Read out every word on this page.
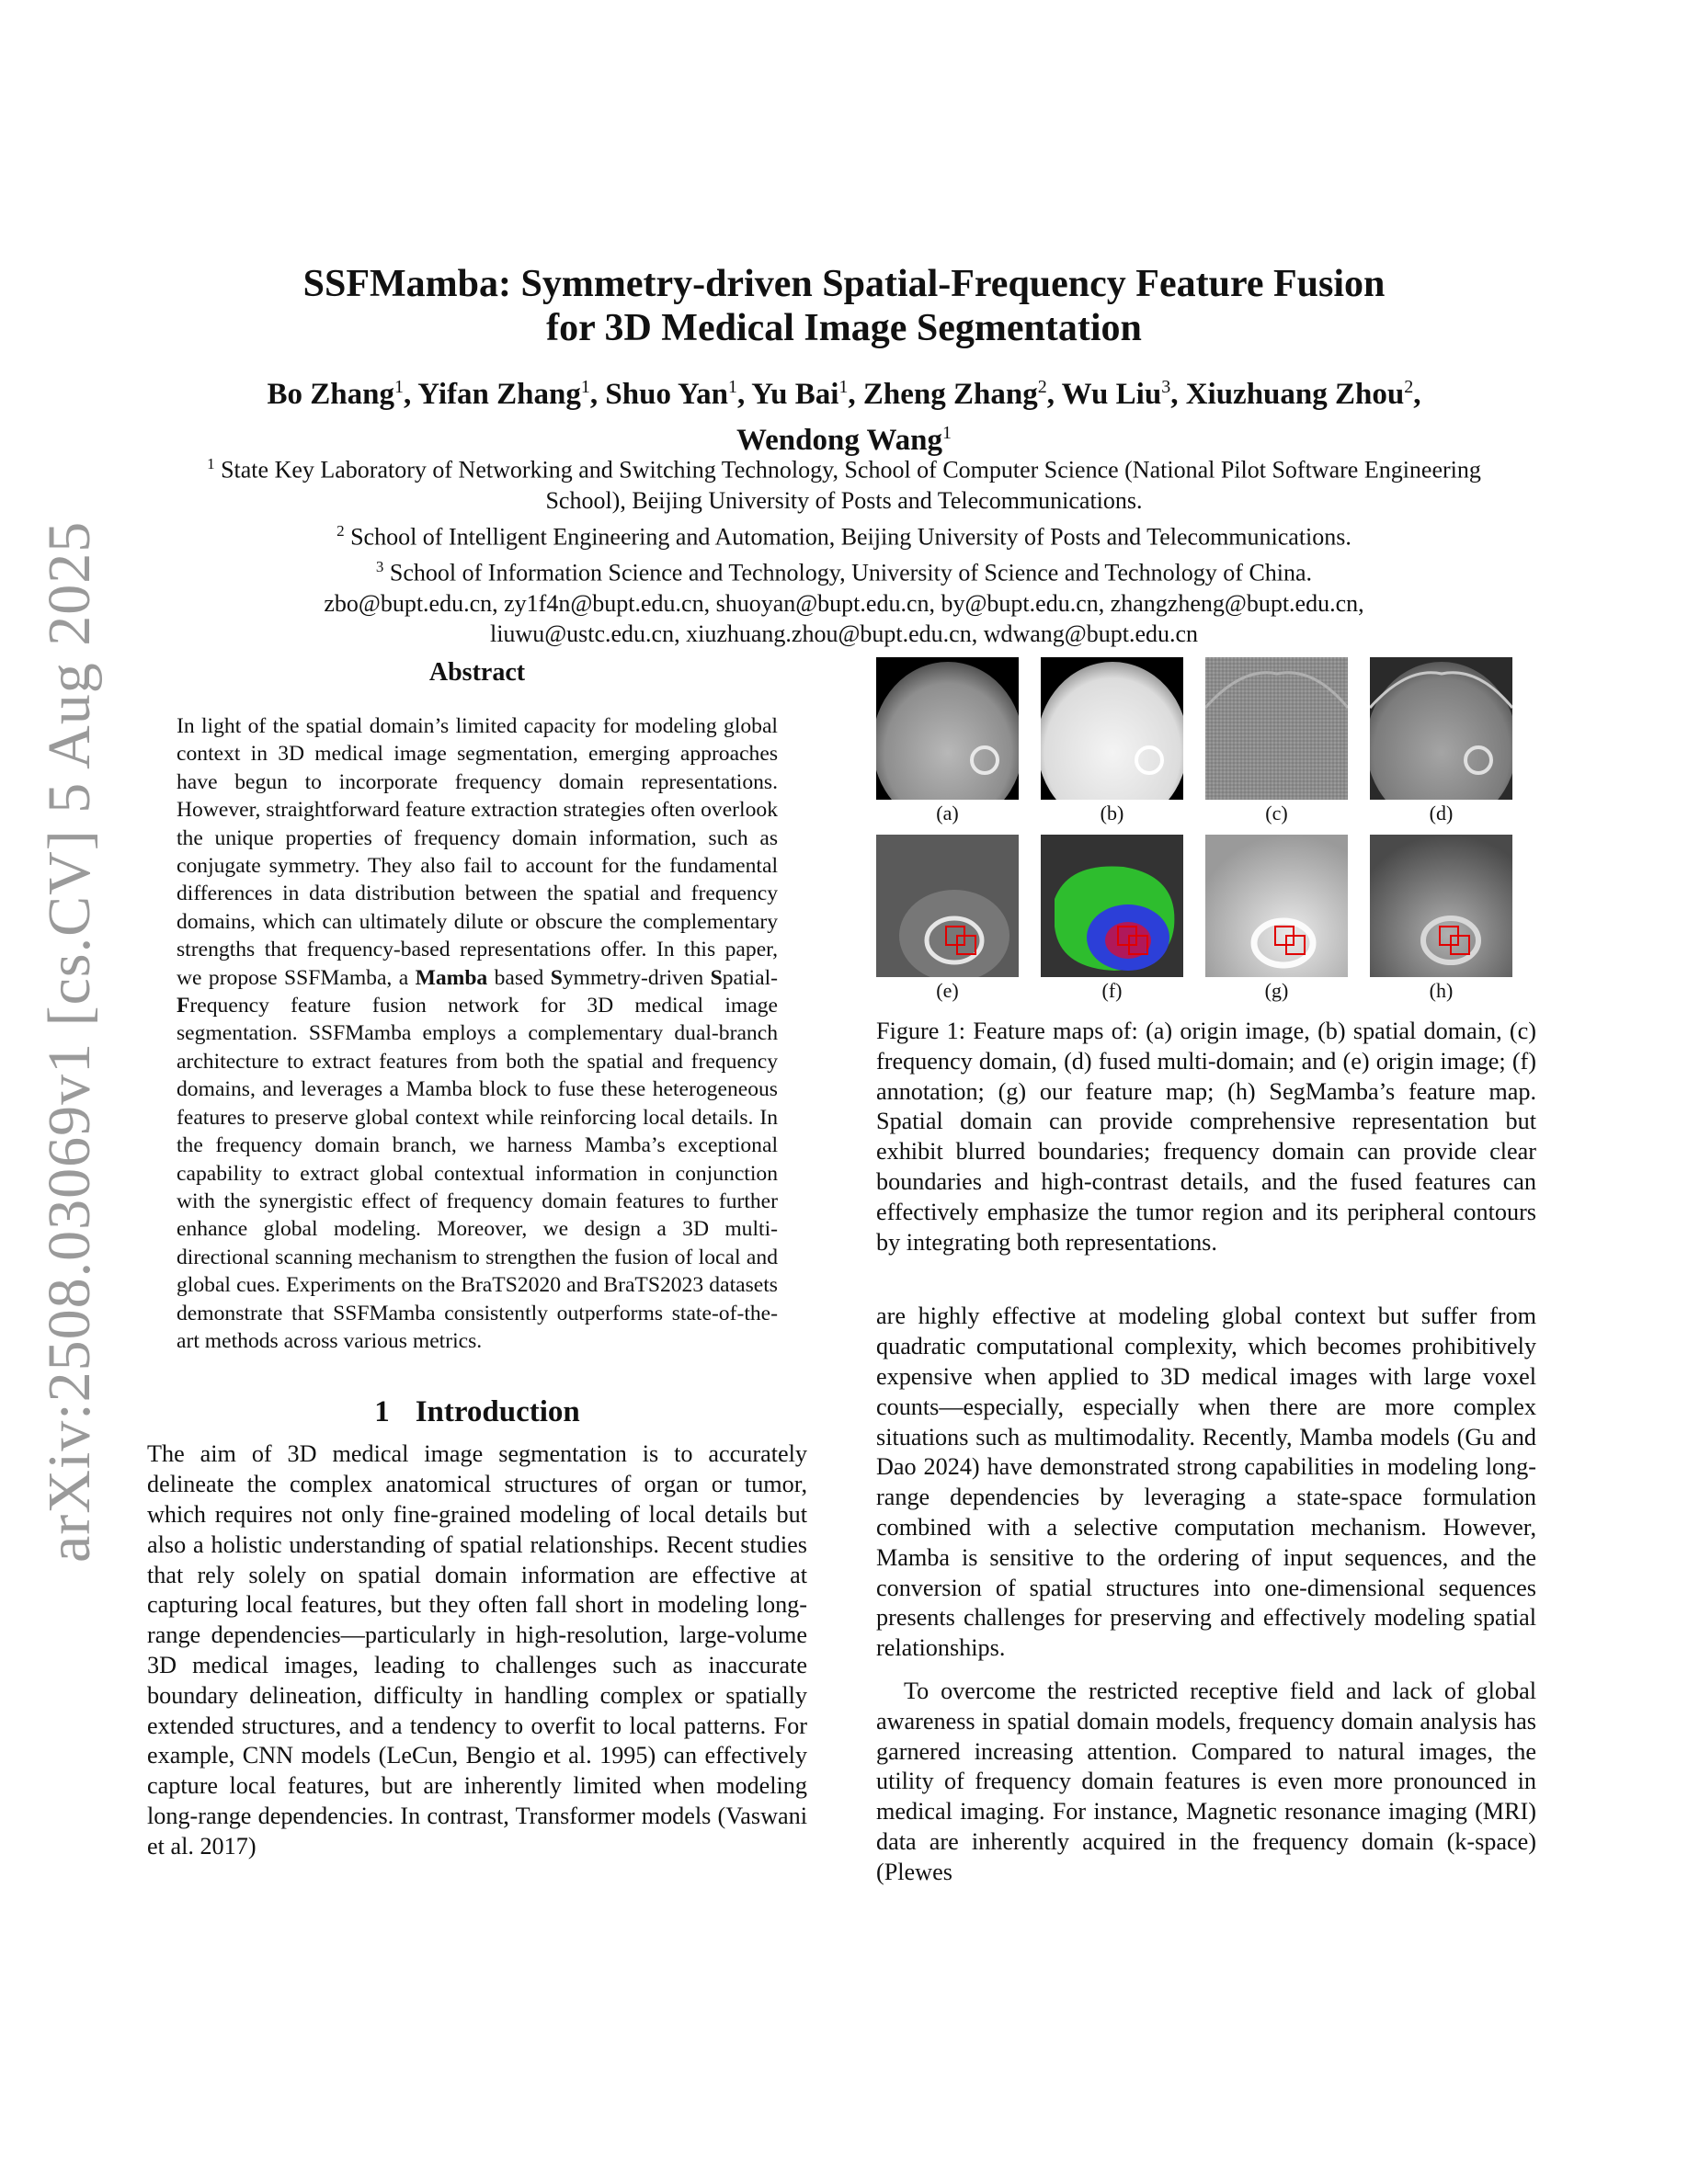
arXiv:2508.03069v1 [cs.CV] 5 Aug 2025
SSFMamba: Symmetry-driven Spatial-Frequency Feature Fusion
for 3D Medical Image Segmentation
Bo Zhang$^1$, Yifan Zhang$^1$, Shuo Yan$^1$, Yu Bai$^1$, Zheng Zhang$^2$, Wu Liu$^3$, Xiuzhuang Zhou$^2$,
Wendong Wang$^1$
$^1$ State Key Laboratory of Networking and Switching Technology, School of Computer Science (National Pilot Software Engineering School), Beijing University of Posts and Telecommunications.
$^2$ School of Intelligent Engineering and Automation, Beijing University of Posts and Telecommunications.
$^3$ School of Information Science and Technology, University of Science and Technology of China.
zbo@bupt.edu.cn, zy1f4n@bupt.edu.cn, shuoyan@bupt.edu.cn, by@bupt.edu.cn, zhangzheng@bupt.edu.cn,
liuwu@ustc.edu.cn, xiuzhuang.zhou@bupt.edu.cn, wdwang@bupt.edu.cn
Abstract

In light of the spatial domain’s limited capacity for modeling global context in 3D medical image segmentation, emerging approaches have begun to incorporate frequency domain representations. However, straightforward feature extraction strategies often overlook the unique properties of frequency domain information, such as conjugate symmetry. They also fail to account for the fundamental differences in data distribution between the spatial and frequency domains, which can ultimately dilute or obscure the complementary strengths that frequency-based representations offer. In this paper, we propose SSFMamba, a Mamba based Symmetry-driven Spatial-Frequency feature fusion network for 3D medical image segmentation. SSFMamba employs a complementary dual-branch architecture to extract features from both the spatial and frequency domains, and leverages a Mamba block to fuse these heterogeneous features to preserve global context while reinforcing local details. In the frequency domain branch, we harness Mamba’s exceptional capability to extract global contextual information in conjunction with the synergistic effect of frequency domain features to further enhance global modeling. Moreover, we design a 3D multi-directional scanning mechanism to strengthen the fusion of local and global cues. Experiments on the BraTS2020 and BraTS2023 datasets demonstrate that SSFMamba consistently outperforms state-of-the-art methods across various metrics.

1 Introduction

The aim of 3D medical image segmentation is to accurately delineate the complex anatomical structures of organ or tumor, which requires not only fine-grained modeling of local details but also a holistic understanding of spatial relationships. Recent studies that rely solely on spatial domain information are effective at capturing local features, but they often fall short in modeling long-range dependencies—particularly in high-resolution, large-volume 3D medical images, leading to challenges such as inaccurate boundary delineation, difficulty in handling complex or spatially extended structures, and a tendency to overfit to local patterns. For example, CNN models (LeCun, Bengio et al. 1995) can effectively capture local features, but are inherently limited when modeling long-range dependencies. In contrast, Transformer models (Vaswani et al. 2017)

(a)	(b)	(c)	(d)
(e)	(f)	(g)	(h)

Figure 1: Feature maps of: (a) origin image, (b) spatial domain, (c) frequency domain, (d) fused multi-domain; and (e) origin image; (f) annotation; (g) our feature map; (h) SegMamba’s feature map. Spatial domain can provide comprehensive representation but exhibit blurred boundaries; frequency domain can provide clear boundaries and high-contrast details, and the fused features can effectively emphasize the tumor region and its peripheral contours by integrating both representations.

are highly effective at modeling global context but suffer from quadratic computational complexity, which becomes prohibitively expensive when applied to 3D medical images with large voxel counts—especially, especially when there are more complex situations such as multimodality. Recently, Mamba models (Gu and Dao 2024) have demonstrated strong capabilities in modeling long-range dependencies by leveraging a state-space formulation combined with a selective computation mechanism. However, Mamba is sensitive to the ordering of input sequences, and the conversion of spatial structures into one-dimensional sequences presents challenges for preserving and effectively modeling spatial relationships.

To overcome the restricted receptive field and lack of global awareness in spatial domain models, frequency domain analysis has garnered increasing attention. Compared to natural images, the utility of frequency domain features is even more pronounced in medical imaging. For instance, Magnetic resonance imaging (MRI) data are inherently acquired in the frequency domain (k-space) (Plewes
